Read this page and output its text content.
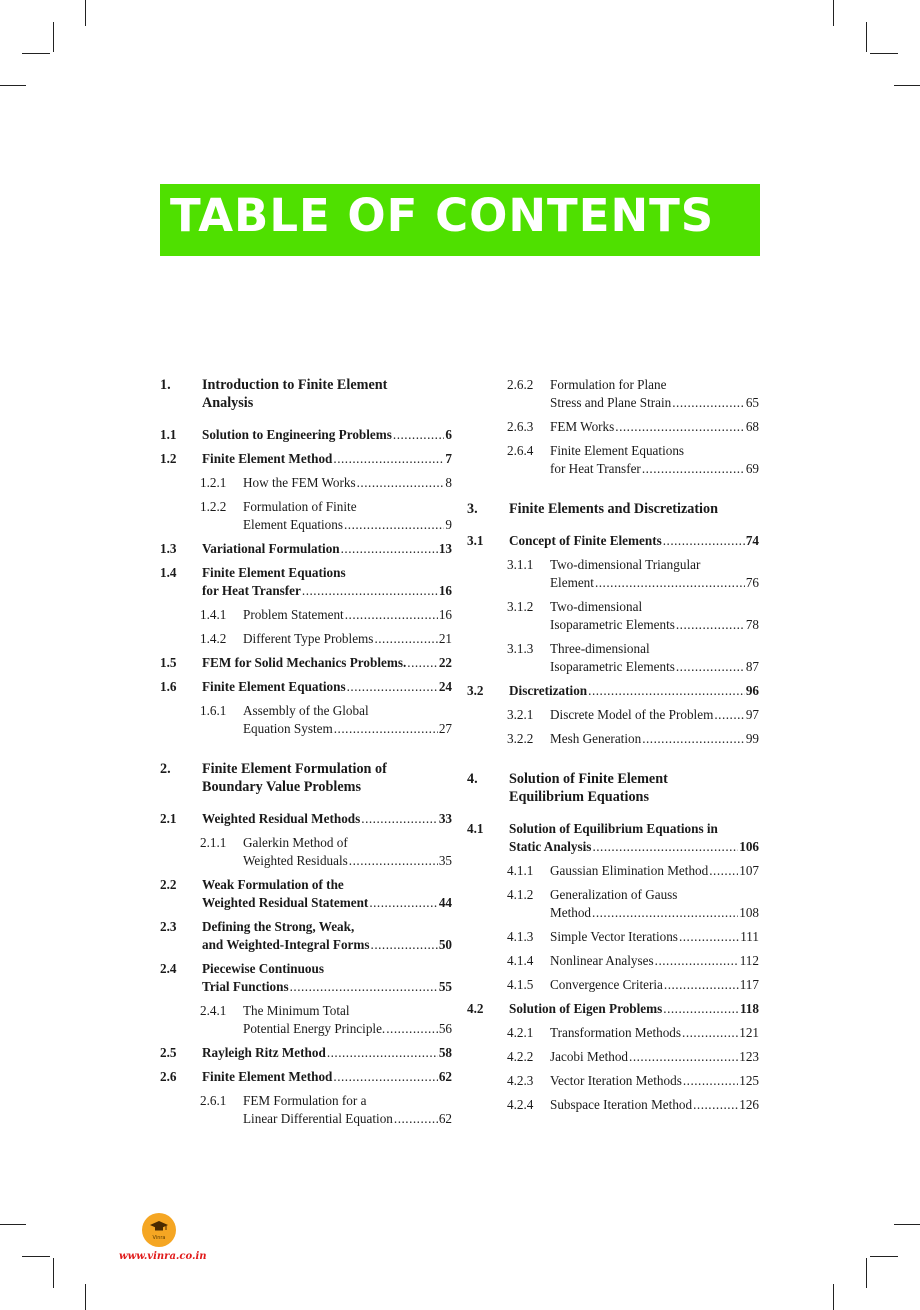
TABLE OF CONTENTS
1. Introduction to Finite Element
Analysis
1.1 Solution to Engineering Problems .....	6
1.2 Finite Element Method .....	7
1.2.1 How the FEM Works .....	8
1.2.2 Formulation of Finite
Element Equations .....	9
1.3 Variational Formulation .....	13
1.4 Finite Element Equations
for Heat Transfer .....	16
1.4.1 Problem Statement .....	16
1.4.2 Different Type Problems .....	21
1.5 FEM for Solid Mechanics Problems. ..... 22
1.6 Finite Element Equations .....	24
1.6.1 Assembly of the Global
Equation System .....	27
2. Finite Element Formulation of
Boundary Value Problems
2.1 Weighted Residual Methods .....	33
2.1.1 Galerkin Method of
Weighted Residuals .....	35
2.2 Weak Formulation of the
Weighted Residual Statement .....	44
2.3 Defining the Strong, Weak,
and Weighted-Integral Forms .....	50
2.4 Piecewise Continuous
Trial Functions .....	55
2.4.1 The Minimum Total
Potential Energy Principle. .....	56
2.5 Rayleigh Ritz Method .....	58
2.6 Finite Element Method .....	62
2.6.1 FEM Formulation for a
Linear Differential Equation .....	62
2.6.2 Formulation for Plane
Stress and Plane Strain .....	65
2.6.3 FEM Works .....	68
2.6.4 Finite Element Equations
for Heat Transfer .....	69
3. Finite Elements and Discretization
3.1 Concept of Finite Elements .....	74
3.1.1 Two-dimensional Triangular
Element .....	76
3.1.2 Two-dimensional
Isoparametric Elements .....	78
3.1.3 Three-dimensional
Isoparametric Elements .....	87
3.2 Discretization .....	96
3.2.1 Discrete Model of the Problem ..... 97
3.2.2 Mesh Generation .....	99
4. Solution of Finite Element
Equilibrium Equations
4.1 Solution of Equilibrium Equations in
Static Analysis .....	106
4.1.1 Gaussian Elimination Method ..... 107
4.1.2 Generalization of Gauss
Method .....	108
4.1.3 Simple Vector Iterations .....	111
4.1.4 Nonlinear Analyses .....	112
4.1.5 Convergence Criteria .....	117
4.2 Solution of Eigen Problems .....	118
4.2.1 Transformation Methods .....	121
4.2.2 Jacobi Method .....	123
4.2.3 Vector Iteration Methods .....	125
4.2.4 Subspace Iteration Method .....	126
Vinra
www.vinra.co.in
